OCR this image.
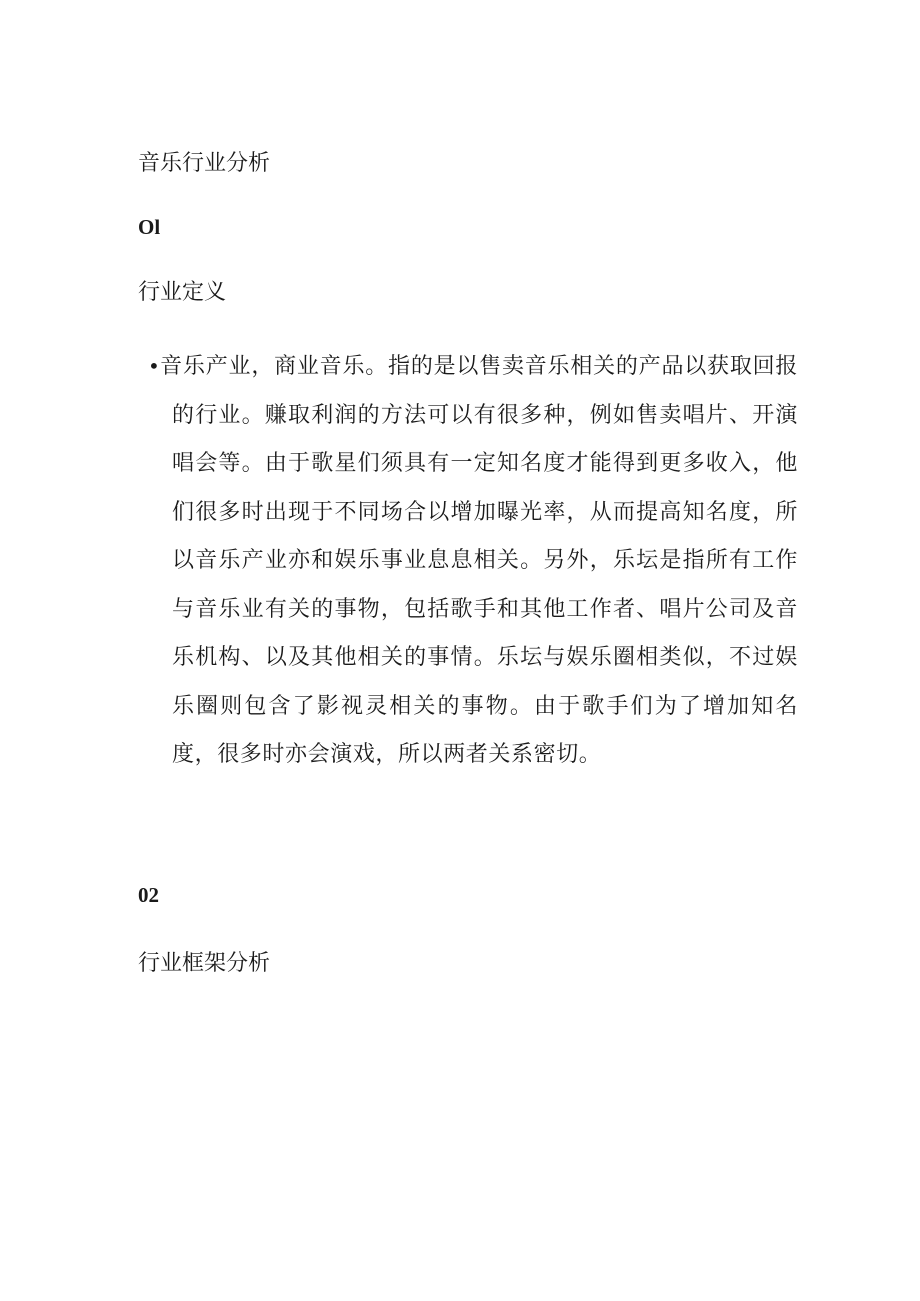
音乐行业分析
Ol
行业定义
•音乐产业，商业音乐。指的是以售卖音乐相关的产品以获取回报的行业。赚取利润的方法可以有很多种，例如售卖唱片、开演唱会等。由于歌星们须具有一定知名度才能得到更多收入，他们很多时出现于不同场合以增加曝光率，从而提高知名度，所以音乐产业亦和娱乐事业息息相关。另外，乐坛是指所有工作与音乐业有关的事物，包括歌手和其他工作者、唱片公司及音乐机构、以及其他相关的事情。乐坛与娱乐圈相类似，不过娱乐圈则包含了影视灵相关的事物。由于歌手们为了增加知名度，很多时亦会演戏，所以两者关系密切。
02
行业框架分析
